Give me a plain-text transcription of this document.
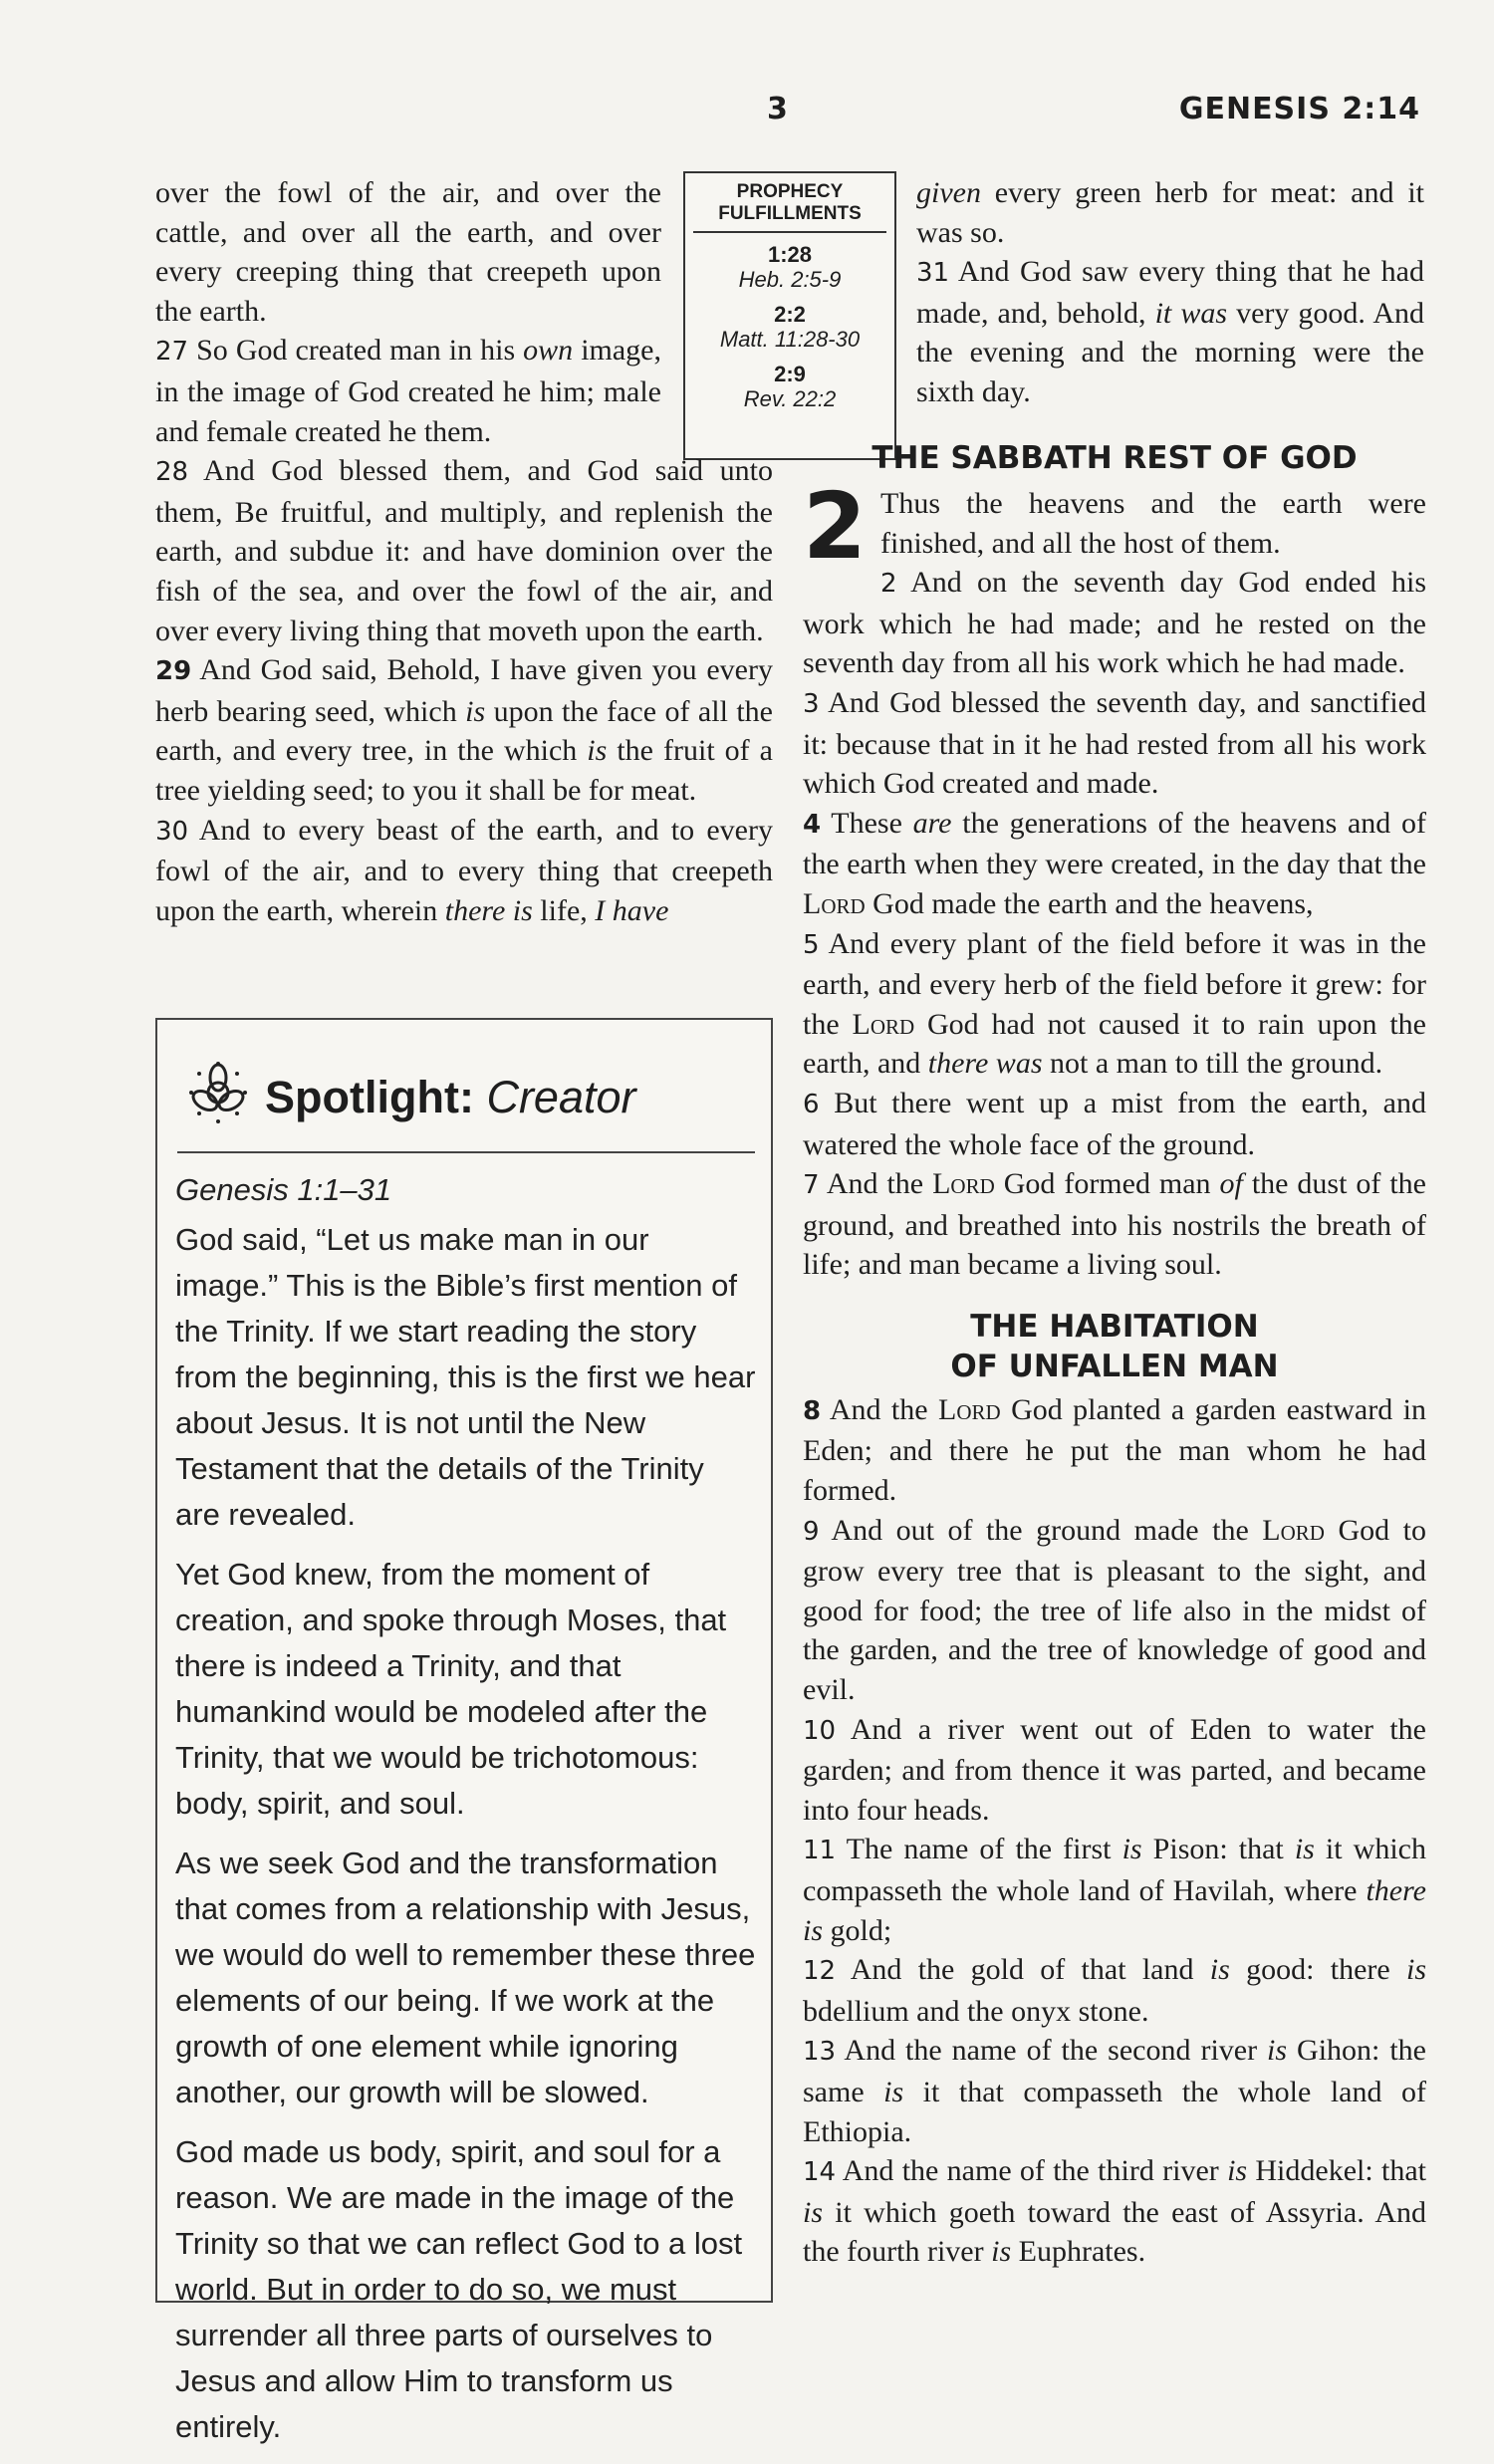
3	GENESIS 2:14
PROPHECY FULFILLMENTS
1:28
Heb. 2:5-9
2:2
Matt. 11:28-30
2:9
Rev. 22:2

over the fowl of the air, and over the cattle, and over all the earth, and over every creeping thing that creepeth upon the earth.

27 So God created man in his own image, in the image of God created he him; male and female created he them.

28 And God blessed them, and God said unto them, Be fruitful, and multiply, and replenish the earth, and subdue it: and have dominion over the fish of the sea, and over the fowl of the air, and over every living thing that moveth upon the earth.

29 And God said, Behold, I have given you every herb bearing seed, which is upon the face of all the earth, and every tree, in the which is the fruit of a tree yielding seed; to you it shall be for meat.

30 And to every beast of the earth, and to every fowl of the air, and to every thing that creepeth upon the earth, wherein there is life, I have

Spotlight: Creator
Genesis 1:1–31

God said, “Let us make man in our image.” This is the Bible’s first mention of the Trinity. If we start reading the story from the beginning, this is the first we hear about Jesus. It is not until the New Testament that the details of the Trinity are revealed.

Yet God knew, from the moment of creation, and spoke through Moses, that there is indeed a Trinity, and that humankind would be modeled after the Trinity, that we would be trichotomous: body, spirit, and soul.

As we seek God and the transformation that comes from a relationship with Jesus, we would do well to remember these three elements of our being. If we work at the growth of one element while ignoring another, our growth will be slowed.

God made us body, spirit, and soul for a reason. We are made in the image of the Trinity so that we can reflect God to a lost world. But in order to do so, we must surrender all three parts of ourselves to Jesus and allow Him to transform us entirely.

given every green herb for meat: and it was so.

31 And God saw every thing that he had made, and, behold, it was very good. And the evening and the morning were the sixth day.

THE SABBATH REST OF GOD

2 Thus the heavens and the earth were finished, and all the host of them.

2 And on the seventh day God ended his work which he had made; and he rested on the seventh day from all his work which he had made.

3 And God blessed the seventh day, and sanctified it: because that in it he had rested from all his work which God created and made.

4 These are the generations of the heavens and of the earth when they were created, in the day that the Lord God made the earth and the heavens,

5 And every plant of the field before it was in the earth, and every herb of the field before it grew: for the Lord God had not caused it to rain upon the earth, and there was not a man to till the ground.

6 But there went up a mist from the earth, and watered the whole face of the ground.

7 And the Lord God formed man of the dust of the ground, and breathed into his nostrils the breath of life; and man became a living soul.

THE HABITATION

OF UNFALLEN MAN

8 And the Lord God planted a garden eastward in Eden; and there he put the man whom he had formed.

9 And out of the ground made the Lord God to grow every tree that is pleasant to the sight, and good for food; the tree of life also in the midst of the garden, and the tree of knowledge of good and evil.

10 And a river went out of Eden to water the garden; and from thence it was parted, and became into four heads.

11 The name of the first is Pison: that is it which compasseth the whole land of Havilah, where there is gold;

12 And the gold of that land is good: there is bdellium and the onyx stone.

13 And the name of the second river is Gihon: the same is it that compasseth the whole land of Ethiopia.

14 And the name of the third river is Hiddekel: that is it which goeth toward the east of Assyria. And the fourth river is Euphrates.
